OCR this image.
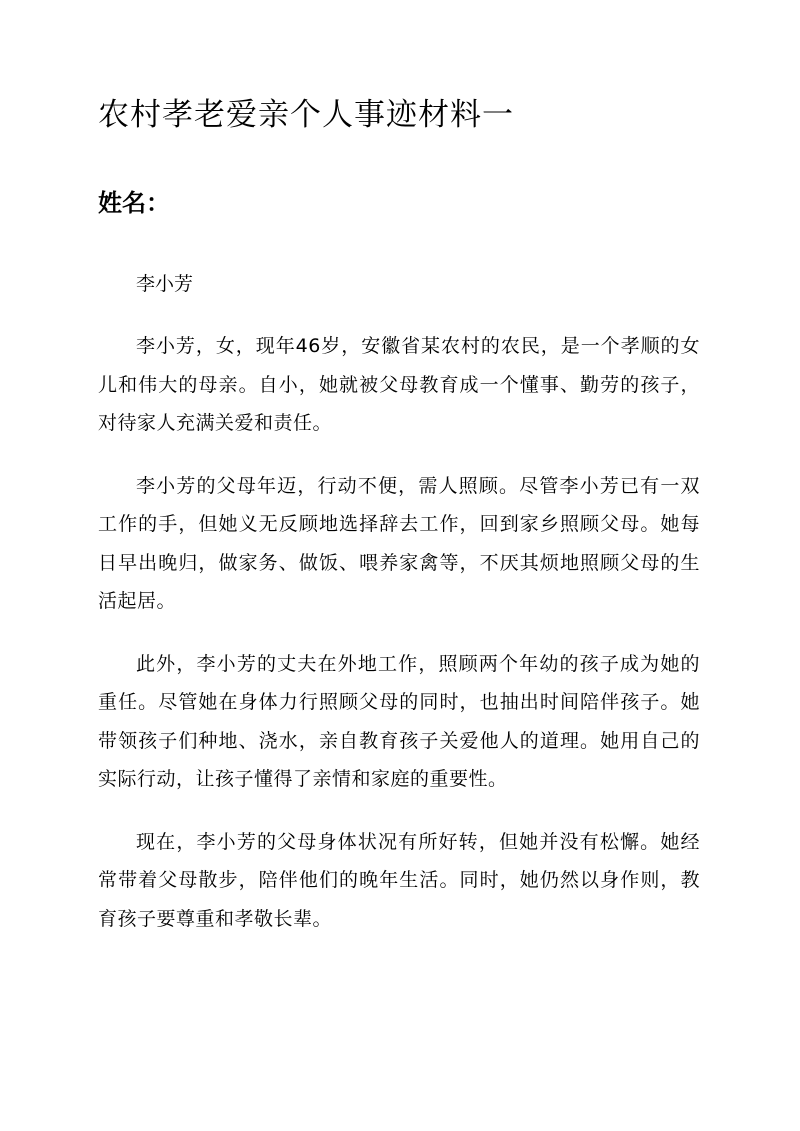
农村孝老爱亲个人事迹材料一
姓名：

李小芳

李小芳，女，现年46岁，安徽省某农村的农民，是一个孝顺的女儿和伟大的母亲。自小，她就被父母教育成一个懂事、勤劳的孩子，对待家人充满关爱和责任。

李小芳的父母年迈，行动不便，需人照顾。尽管李小芳已有一双工作的手，但她义无反顾地选择辞去工作，回到家乡照顾父母。她每日早出晚归，做家务、做饭、喂养家禽等，不厌其烦地照顾父母的生活起居。

此外，李小芳的丈夫在外地工作，照顾两个年幼的孩子成为她的重任。尽管她在身体力行照顾父母的同时，也抽出时间陪伴孩子。她带领孩子们种地、浇水，亲自教育孩子关爱他人的道理。她用自己的实际行动，让孩子懂得了亲情和家庭的重要性。

现在，李小芳的父母身体状况有所好转，但她并没有松懈。她经常带着父母散步，陪伴他们的晚年生活。同时，她仍然以身作则，教育孩子要尊重和孝敬长辈。
